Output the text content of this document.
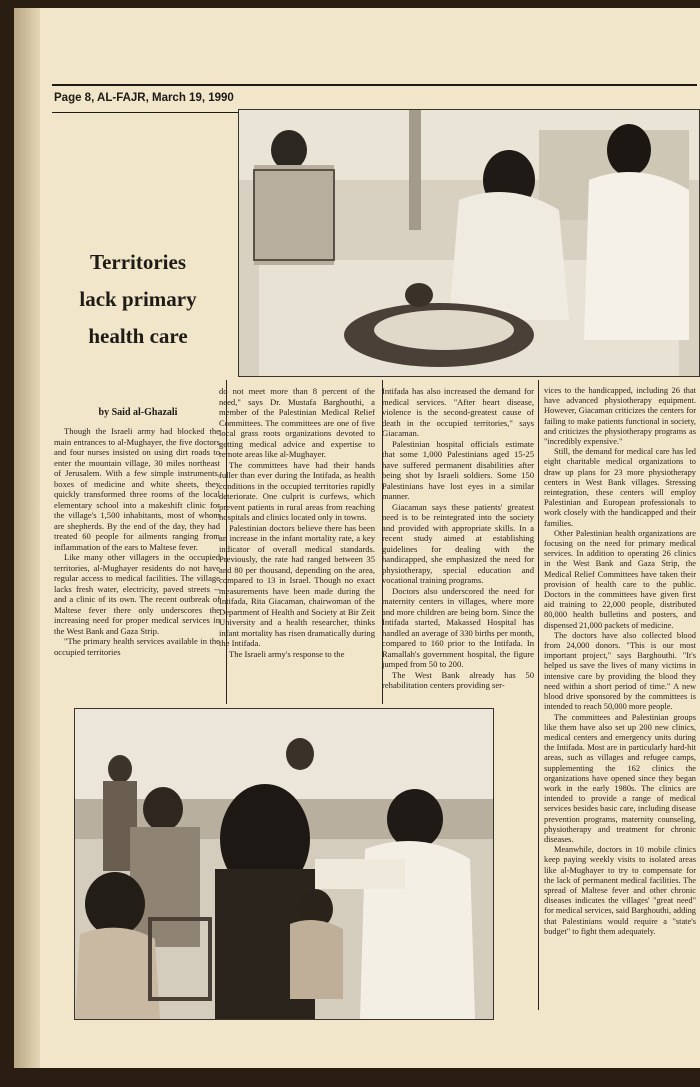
Page 8, AL-FAJR, March 19, 1990
Territories
lack primary
health care
by Said al-Ghazali

Though the Israeli army had blocked the main entrances to al-Mughayer, the five doctors and four nurses insisted on using dirt roads to enter the mountain village, 30 miles northeast of Jerusalem. With a few simple instruments, boxes of medicine and white sheets, they quickly transformed three rooms of the local elementary school into a makeshift clinic for the village's 1,500 inhabitants, most of whom are shepherds. By the end of the day, they had treated 60 people for ailments ranging from inflammation of the ears to Maltese fever.

Like many other villagers in the occupied territories, al-Mughayer residents do not have regular access to medical facilities. The village lacks fresh water, electricity, paved streets -- and a clinic of its own. The recent outbreak of Maltese fever there only underscores the increasing need for proper medical services in the West Bank and Gaza Strip.

"The primary health services available in the occupied territories

do not meet more than 8 percent of the need," says Dr. Mustafa Barghouthi, a member of the Palestinian Medical Relief Committees. The committees are one of five local grass roots organizations devoted to getting medical advice and expertise to remote areas like al-Mughayer.

The committees have had their hands fuller than ever during the Intifada, as health conditions in the occupied territories rapidly deteriorate. One culprit is curfews, which prevent patients in rural areas from reaching hospitals and clinics located only in towns.

Palestinian doctors believe there has been an increase in the infant mortality rate, a key indicator of overall medical standards. Previously, the rate had ranged between 35 and 80 per thousand, depending on the area, compared to 13 in Israel. Though no exact measurements have been made during the Intifada, Rita Giacaman, chairwoman of the Department of Health and Society at Bir Zeit University and a health researcher, thinks infant mortality has risen dramatically during the Intifada.

The Israeli army's response to the

Intifada has also increased the demand for medical services. "After heart disease, violence is the second-greatest cause of death in the occupied territories," says Giacaman.

Palestinian hospital officials estimate that some 1,000 Palestinians aged 15-25 have suffered permanent disabilities after being shot by Israeli soldiers. Some 150 Palestinians have lost eyes in a similar manner.

Giacaman says these patients' greatest need is to be reintegrated into the society and provided with appropriate skills. In a recent study aimed at establishing guidelines for dealing with the handicapped, she emphasized the need for physiotherapy, special education and vocational training programs.

Doctors also underscored the need for maternity centers in villages, where more and more children are being born. Since the Intifada started, Makassed Hospital has handled an average of 330 births per month, compared to 160 prior to the Intifada. In Ramallah's government hospital, the figure jumped from 50 to 200.

The West Bank already has 50 rehabilitation centers providing ser-

vices to the handicapped, including 26 that have advanced physiotherapy equipment. However, Giacaman criticizes the centers for failing to make patients functional in society, and criticizes the physiotherapy programs as "incredibly expensive."

Still, the demand for medical care has led eight charitable medical organizations to draw up plans for 23 more physiotherapy centers in West Bank villages. Stressing reintegration, these centers will employ Palestinian and European professionals to work closely with the handicapped and their families.

Other Palestinian health organizations are focusing on the need for primary medical services. In addition to operating 26 clinics in the West Bank and Gaza Strip, the Medical Relief Committees have taken their provision of health care to the public. Doctors in the committees have given first aid training to 22,000 people, distributed 80,000 health bulletins and posters, and dispensed 21,000 packets of medicine.

The doctors have also collected blood from 24,000 donors. "This is our most important project," says Barghouthi. "It's helped us save the lives of many victims in intensive care by providing the blood they need within a short period of time." A new blood drive sponsored by the committees is intended to reach 50,000 more people.

The committees and Palestinian groups like them have also set up 200 new clinics, medical centers and emergency units during the Intifada. Most are in particularly hard-hit areas, such as villages and refugee camps, supplementing the 162 clinics the organizations have opened since they began work in the early 1980s. The clinics are intended to provide a range of medical services besides basic care, including disease prevention programs, maternity counseling, physiotherapy and treatment for chronic diseases.

Meanwhile, doctors in 10 mobile clinics keep paying weekly visits to isolated areas like al-Mughayer to try to compensate for the lack of permanent medical facilities. The spread of Maltese fever and other chronic diseases indicates the villages' "great need" for medical services, said Barghouthi, adding that Palestinians would require a "state's budget" to fight them adequately.
